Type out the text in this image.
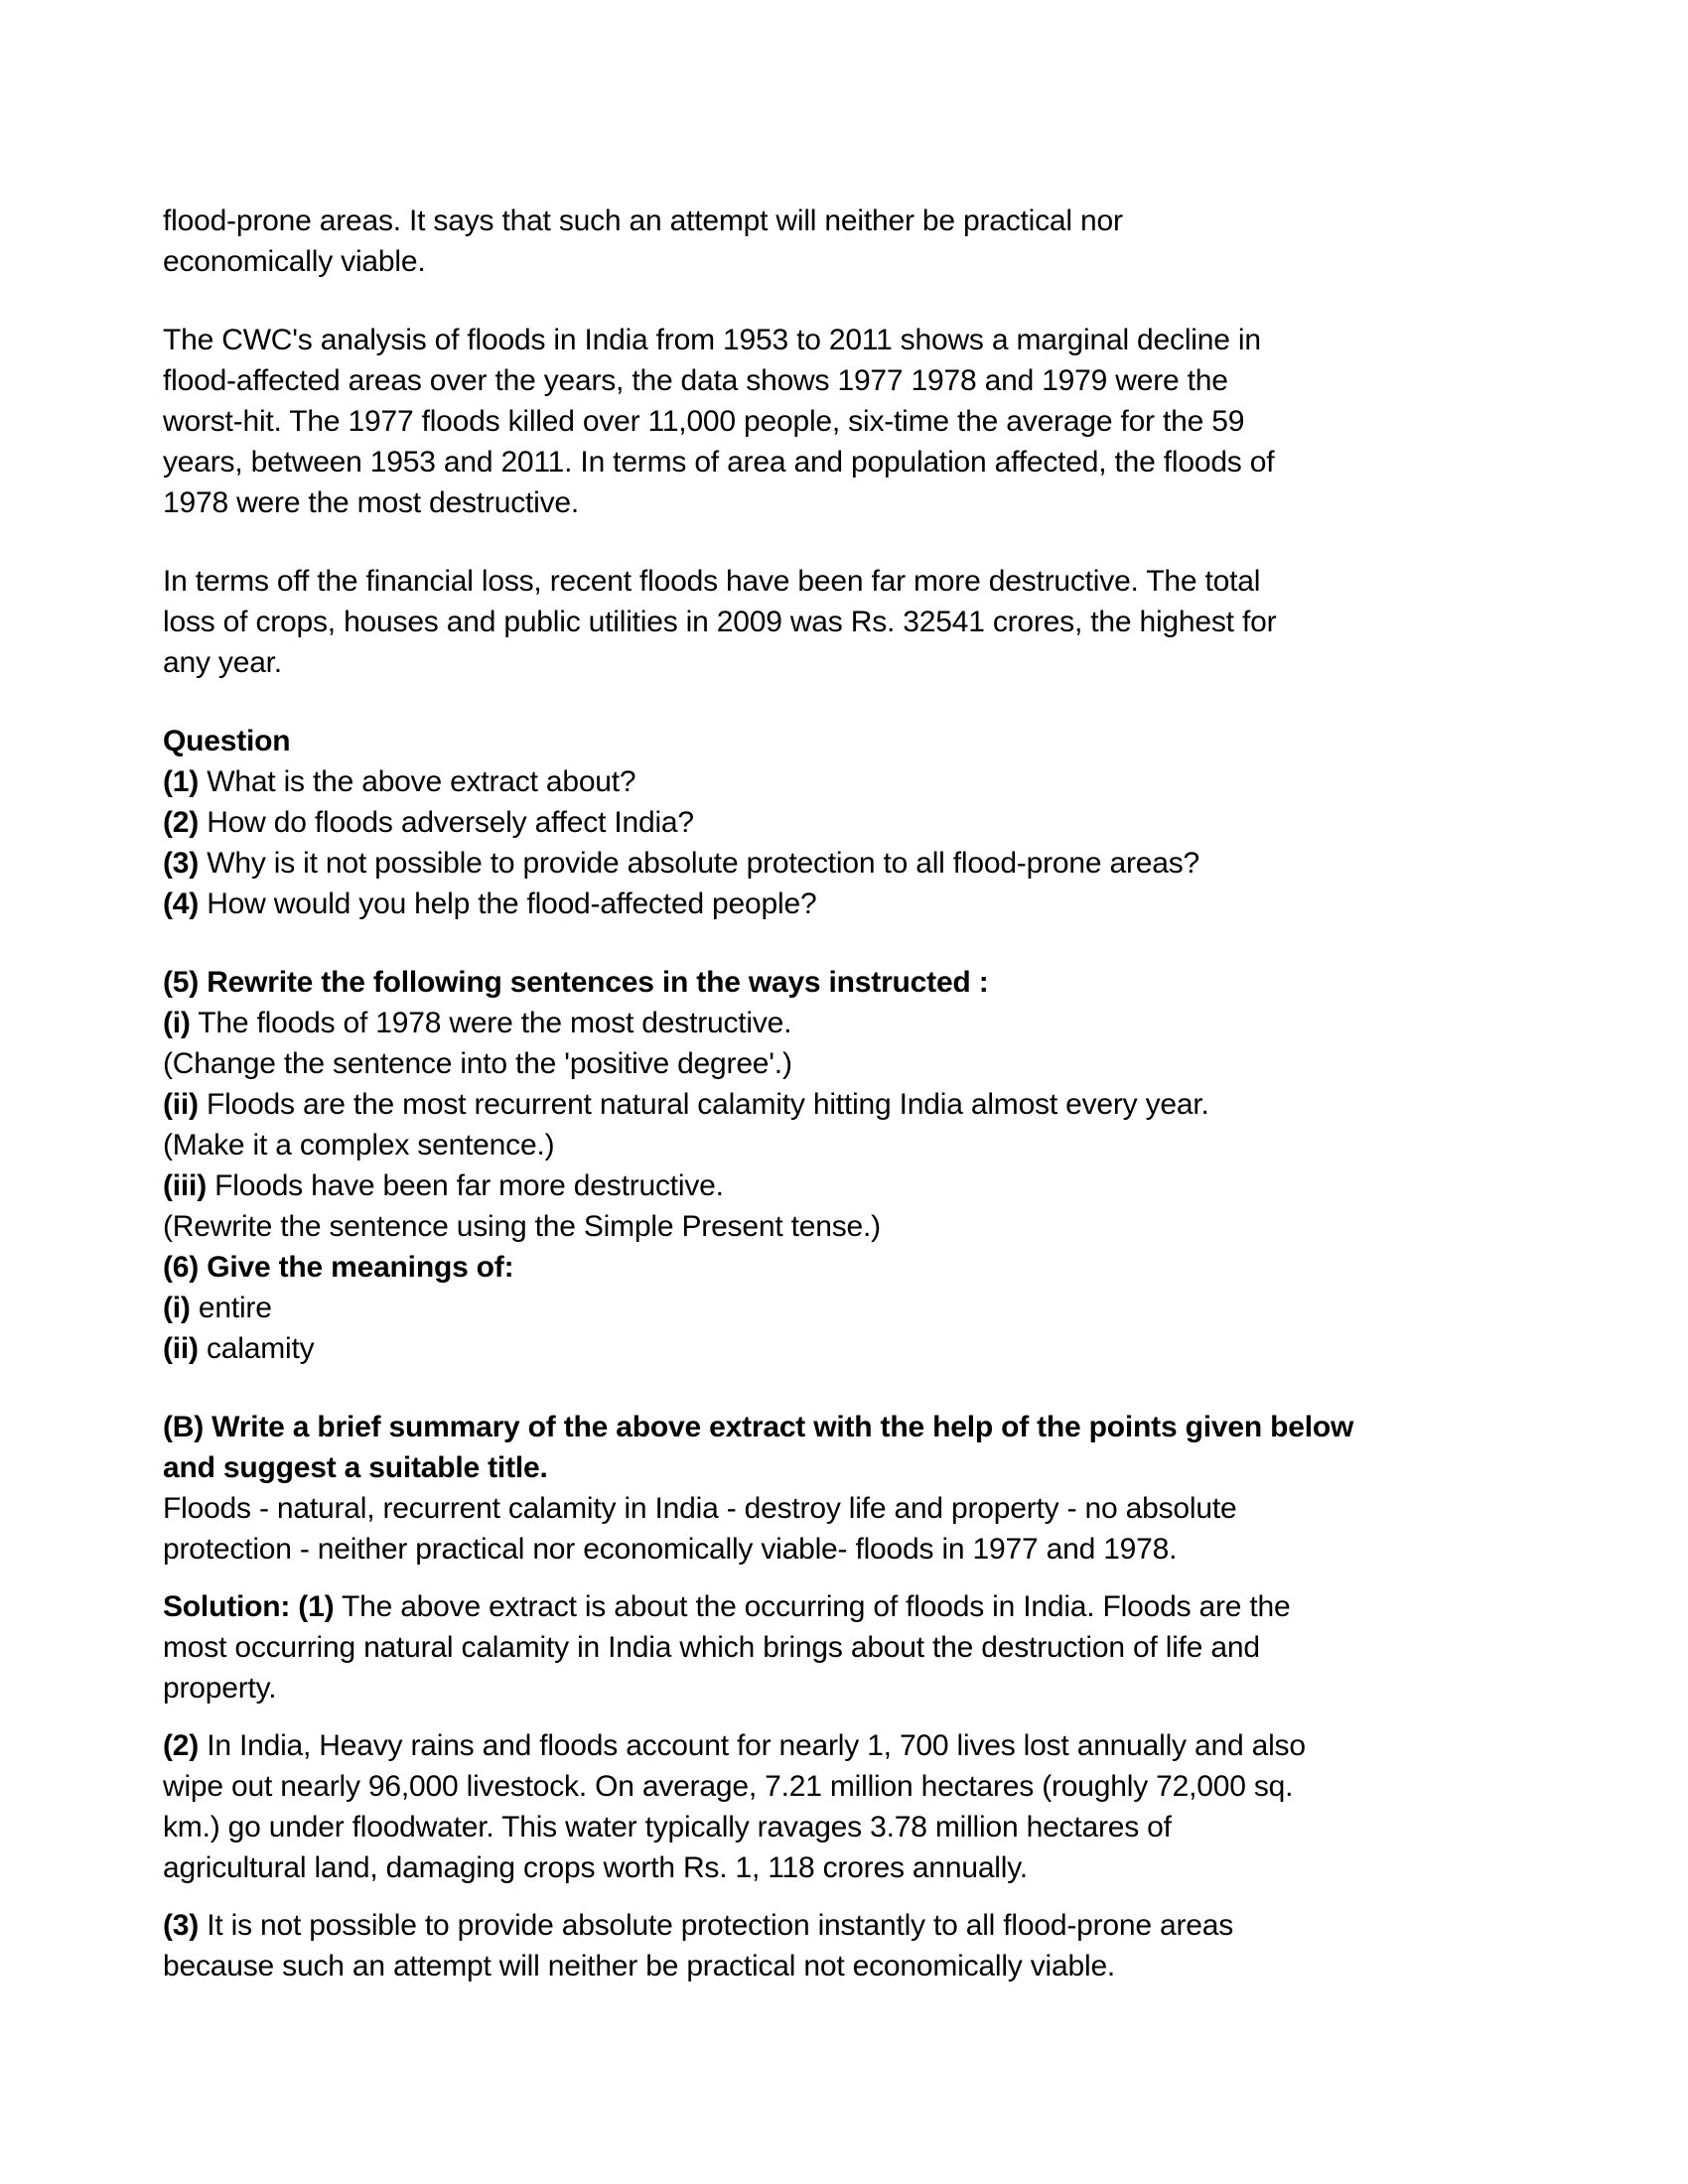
flood-prone areas. It says that such an attempt will neither be practical nor
economically viable.

The CWC's analysis of floods in India from 1953 to 2011 shows a marginal decline in
flood-affected areas over the years, the data shows 1977 1978 and 1979 were the
worst-hit. The 1977 floods killed over 11,000 people, six-time the average for the 59
years, between 1953 and 2011. In terms of area and population affected, the floods of
1978 were the most destructive.

In terms off the financial loss, recent floods have been far more destructive. The total
loss of crops, houses and public utilities in 2009 was Rs. 32541 crores, the highest for
any year.

Question
(1) What is the above extract about?
(2) How do floods adversely affect India?
(3) Why is it not possible to provide absolute protection to all flood-prone areas?
(4) How would you help the flood-affected people?

(5) Rewrite the following sentences in the ways instructed :
(i) The floods of 1978 were the most destructive.
(Change the sentence into the 'positive degree'.)
(ii) Floods are the most recurrent natural calamity hitting India almost every year.
(Make it a complex sentence.)
(iii) Floods have been far more destructive.
(Rewrite the sentence using the Simple Present tense.)
(6) Give the meanings of:
(i) entire
(ii) calamity

(B) Write a brief summary of the above extract with the help of the points given below
and suggest a suitable title.
Floods - natural, recurrent calamity in India - destroy life and property - no absolute
protection - neither practical nor economically viable- floods in 1977 and 1978.

Solution: (1) The above extract is about the occurring of floods in India. Floods are the
most occurring natural calamity in India which brings about the destruction of life and
property.

(2) In India, Heavy rains and floods account for nearly 1, 700 lives lost annually and also
wipe out nearly 96,000 livestock. On average, 7.21 million hectares (roughly 72,000 sq.
km.) go under floodwater. This water typically ravages 3.78 million hectares of
agricultural land, damaging crops worth Rs. 1, 118 crores annually.

(3) It is not possible to provide absolute protection instantly to all flood-prone areas
because such an attempt will neither be practical not economically viable.
